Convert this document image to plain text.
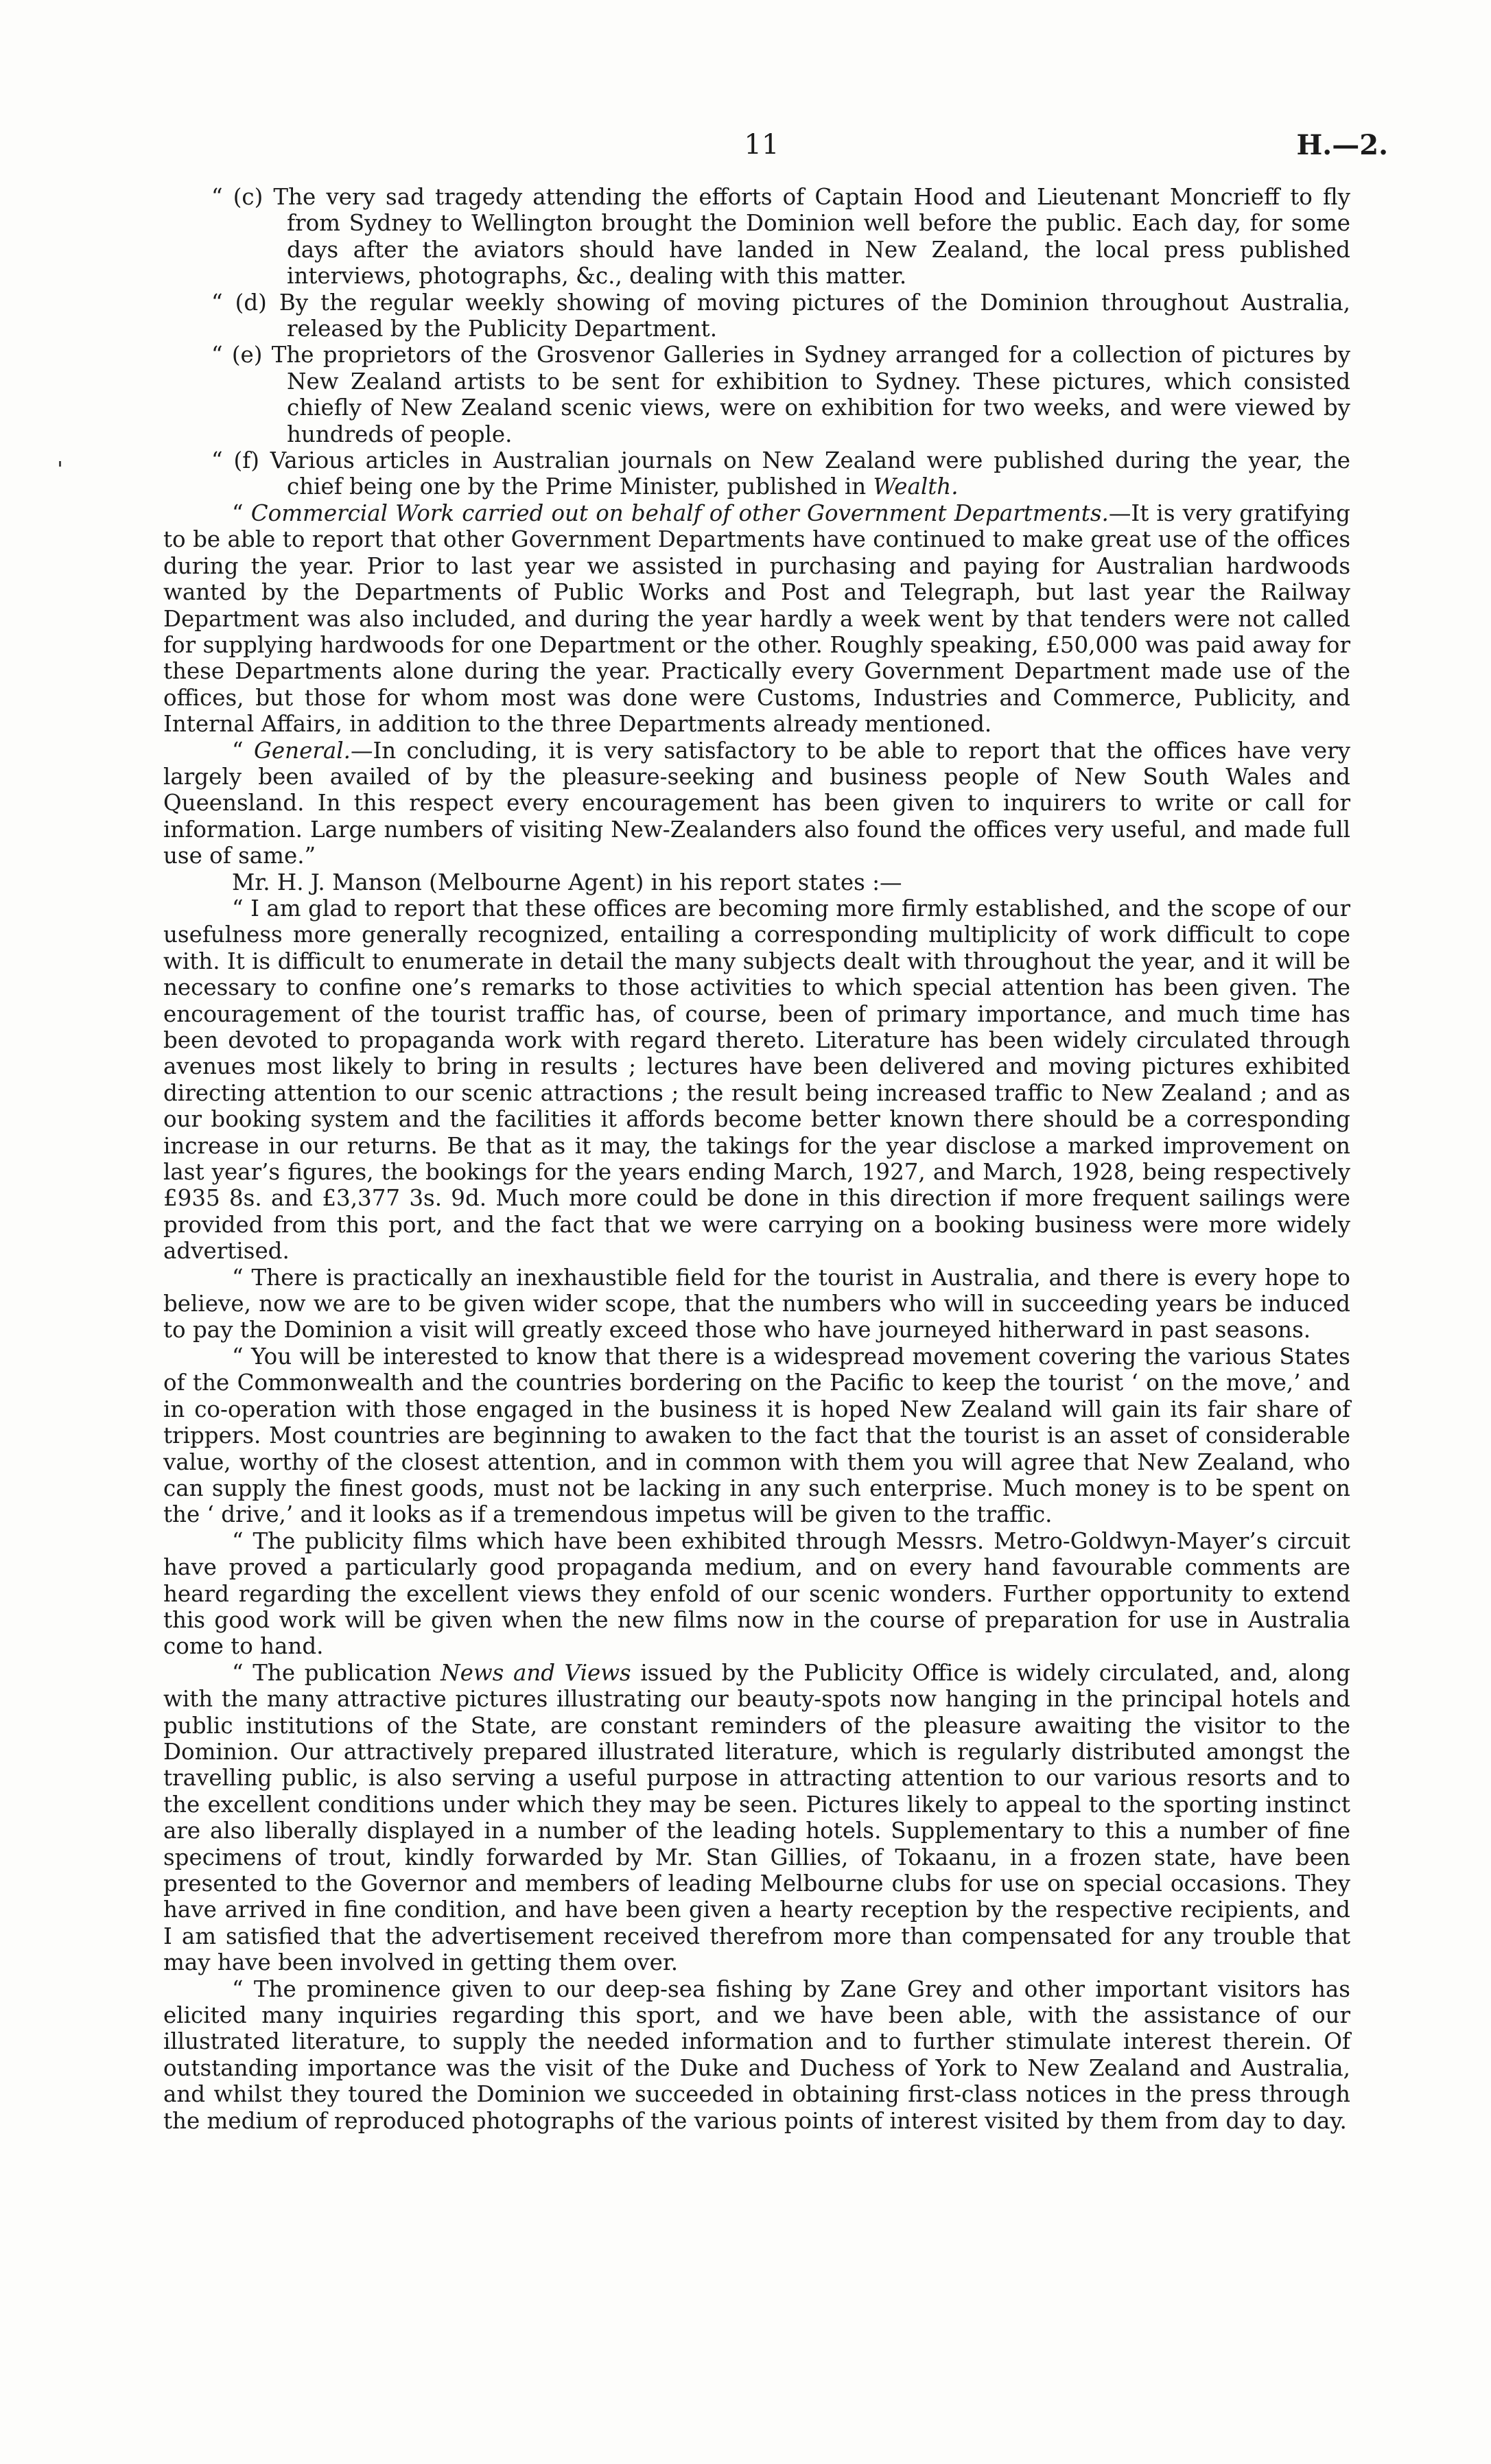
11	H.—2.

“ (c) The very sad tragedy attending the efforts of Captain Hood and Lieutenant Moncrieff to fly from Sydney to Wellington brought the Dominion well before the public. Each day, for some days after the aviators should have landed in New Zealand, the local press published interviews, photographs, &c., dealing with this matter.

“ (d) By the regular weekly showing of moving pictures of the Dominion throughout Australia, released by the Publicity Department.

“ (e) The proprietors of the Grosvenor Galleries in Sydney arranged for a collection of pictures by New Zealand artists to be sent for exhibition to Sydney. These pictures, which consisted chiefly of New Zealand scenic views, were on exhibition for two weeks, and were viewed by hundreds of people.

“ (f) Various articles in Australian journals on New Zealand were published during the year, the chief being one by the Prime Minister, published in Wealth.

“ Commercial Work carried out on behalf of other Government Departments.—It is very gratifying to be able to report that other Government Departments have continued to make great use of the offices during the year. Prior to last year we assisted in purchasing and paying for Australian hardwoods wanted by the Departments of Public Works and Post and Telegraph, but last year the Railway Department was also included, and during the year hardly a week went by that tenders were not called for supplying hardwoods for one Department or the other. Roughly speaking, £50,000 was paid away for these Departments alone during the year. Practically every Government Department made use of the offices, but those for whom most was done were Customs, Industries and Commerce, Publicity, and Internal Affairs, in addition to the three Departments already mentioned.

“ General.—In concluding, it is very satisfactory to be able to report that the offices have very largely been availed of by the pleasure-seeking and business people of New South Wales and Queensland. In this respect every encouragement has been given to inquirers to write or call for information. Large numbers of visiting New-Zealanders also found the offices very useful, and made full use of same.”

Mr. H. J. Manson (Melbourne Agent) in his report states :—

“ I am glad to report that these offices are becoming more firmly established, and the scope of our usefulness more generally recognized, entailing a corresponding multiplicity of work difficult to cope with. It is difficult to enumerate in detail the many subjects dealt with throughout the year, and it will be necessary to confine one’s remarks to those activities to which special attention has been given. The encouragement of the tourist traffic has, of course, been of primary importance, and much time has been devoted to propaganda work with regard thereto. Literature has been widely circulated through avenues most likely to bring in results ; lectures have been delivered and moving pictures exhibited directing attention to our scenic attractions ; the result being increased traffic to New Zealand ; and as our booking system and the facilities it affords become better known there should be a corresponding increase in our returns. Be that as it may, the takings for the year disclose a marked improvement on last year’s figures, the bookings for the years ending March, 1927, and March, 1928, being respectively £935 8s. and £3,377 3s. 9d. Much more could be done in this direction if more frequent sailings were provided from this port, and the fact that we were carrying on a booking business were more widely advertised.

“ There is practically an inexhaustible field for the tourist in Australia, and there is every hope to believe, now we are to be given wider scope, that the numbers who will in succeeding years be induced to pay the Dominion a visit will greatly exceed those who have journeyed hitherward in past seasons.

“ You will be interested to know that there is a widespread movement covering the various States of the Commonwealth and the countries bordering on the Pacific to keep the tourist ‘ on the move,’ and in co-operation with those engaged in the business it is hoped New Zealand will gain its fair share of trippers. Most countries are beginning to awaken to the fact that the tourist is an asset of considerable value, worthy of the closest attention, and in common with them you will agree that New Zealand, who can supply the finest goods, must not be lacking in any such enterprise. Much money is to be spent on the ‘ drive,’ and it looks as if a tremendous impetus will be given to the traffic.

“ The publicity films which have been exhibited through Messrs. Metro-Goldwyn-Mayer’s circuit have proved a particularly good propaganda medium, and on every hand favourable comments are heard regarding the excellent views they enfold of our scenic wonders. Further opportunity to extend this good work will be given when the new films now in the course of preparation for use in Australia come to hand.

“ The publication News and Views issued by the Publicity Office is widely circulated, and, along with the many attractive pictures illustrating our beauty-spots now hanging in the principal hotels and public institutions of the State, are constant reminders of the pleasure awaiting the visitor to the Dominion. Our attractively prepared illustrated literature, which is regularly distributed amongst the travelling public, is also serving a useful purpose in attracting attention to our various resorts and to the excellent conditions under which they may be seen. Pictures likely to appeal to the sporting instinct are also liberally displayed in a number of the leading hotels. Supplementary to this a number of fine specimens of trout, kindly forwarded by Mr. Stan Gillies, of Tokaanu, in a frozen state, have been presented to the Governor and members of leading Melbourne clubs for use on special occasions. They have arrived in fine condition, and have been given a hearty reception by the respective recipients, and I am satisfied that the advertisement received therefrom more than compensated for any trouble that may have been involved in getting them over.

“ The prominence given to our deep-sea fishing by Zane Grey and other important visitors has elicited many inquiries regarding this sport, and we have been able, with the assistance of our illustrated literature, to supply the needed information and to further stimulate interest therein. Of outstanding importance was the visit of the Duke and Duchess of York to New Zealand and Australia, and whilst they toured the Dominion we succeeded in obtaining first-class notices in the press through the medium of reproduced photographs of the various points of interest visited by them from day to day.
